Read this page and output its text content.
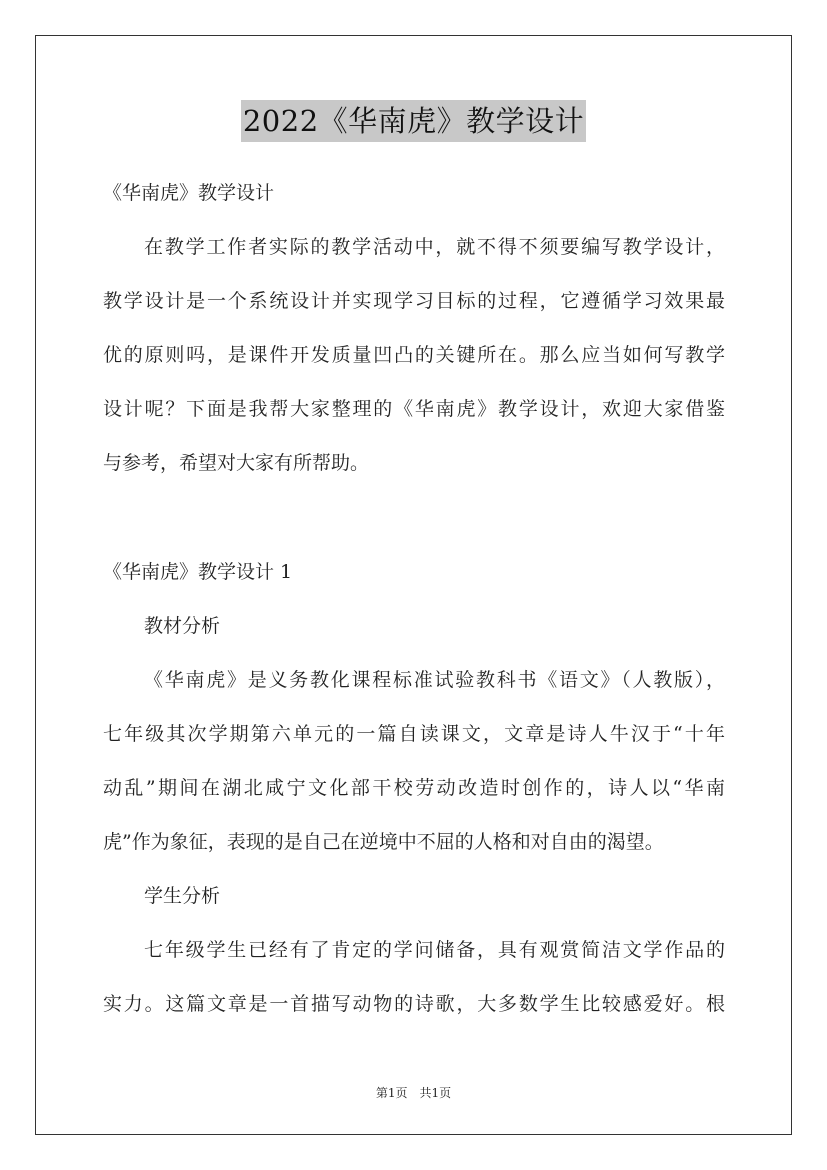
2022《华南虎》教学设计
《华南虎》教学设计
在教学工作者实际的教学活动中，就不得不须要编写教学设计，
教学设计是一个系统设计并实现学习目标的过程，它遵循学习效果最
优的原则吗，是课件开发质量凹凸的关键所在。那么应当如何写教学
设计呢？下面是我帮大家整理的《华南虎》教学设计，欢迎大家借鉴
与参考，希望对大家有所帮助。
《华南虎》教学设计 1
教材分析
《华南虎》是义务教化课程标准试验教科书《语文》（人教版），
七年级其次学期第六单元的一篇自读课文，文章是诗人牛汉于“十年
动乱”期间在湖北咸宁文化部干校劳动改造时创作的，诗人以“华南
虎”作为象征，表现的是自己在逆境中不屈的人格和对自由的渴望。
学生分析
七年级学生已经有了肯定的学问储备，具有观赏简洁文学作品的
实力。这篇文章是一首描写动物的诗歌，大多数学生比较感爱好。根
第1页　共1页
